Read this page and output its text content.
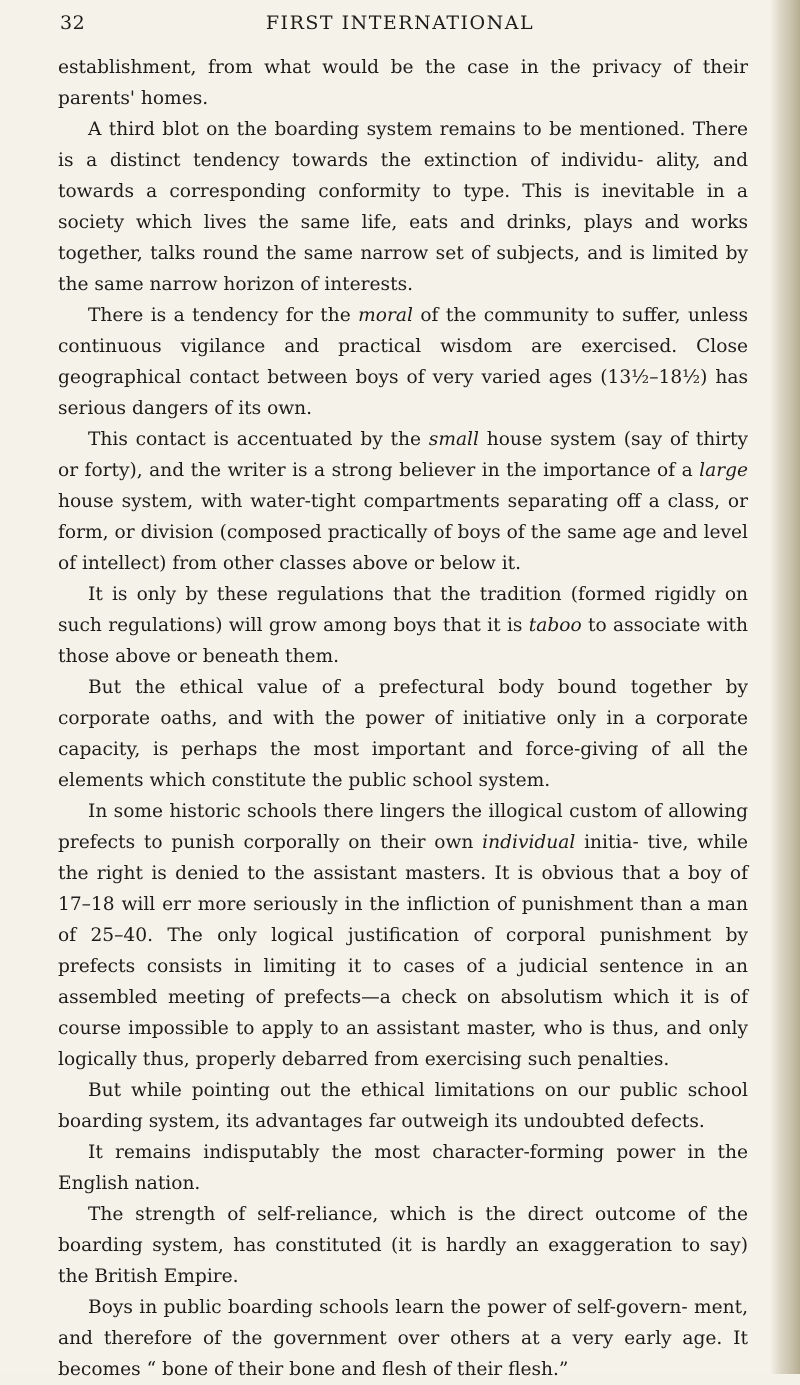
32	FIRST INTERNATIONAL

establishment, from what would be the case in the privacy of their parents' homes.

A third blot on the boarding system remains to be mentioned. There is a distinct tendency towards the extinction of individu- ality, and towards a corresponding conformity to type. This is inevitable in a society which lives the same life, eats and drinks, plays and works together, talks round the same narrow set of subjects, and is limited by the same narrow horizon of interests.

There is a tendency for the moral of the community to suffer, unless continuous vigilance and practical wisdom are exercised. Close geographical contact between boys of very varied ages (13½–18½) has serious dangers of its own.

This contact is accentuated by the small house system (say of thirty or forty), and the writer is a strong believer in the importance of a large house system, with water-tight compartments separating off a class, or form, or division (composed practically of boys of the same age and level of intellect) from other classes above or below it.

It is only by these regulations that the tradition (formed rigidly on such regulations) will grow among boys that it is taboo to associate with those above or beneath them.

But the ethical value of a prefectural body bound together by corporate oaths, and with the power of initiative only in a corporate capacity, is perhaps the most important and force-giving of all the elements which constitute the public school system.

In some historic schools there lingers the illogical custom of allowing prefects to punish corporally on their own individual initia- tive, while the right is denied to the assistant masters. It is obvious that a boy of 17–18 will err more seriously in the infliction of punishment than a man of 25–40. The only logical justification of corporal punishment by prefects consists in limiting it to cases of a judicial sentence in an assembled meeting of prefects—a check on absolutism which it is of course impossible to apply to an assistant master, who is thus, and only logically thus, properly debarred from exercising such penalties.

But while pointing out the ethical limitations on our public school boarding system, its advantages far outweigh its undoubted defects.

It remains indisputably the most character-forming power in the English nation.

The strength of self-reliance, which is the direct outcome of the boarding system, has constituted (it is hardly an exaggeration to say) the British Empire.

Boys in public boarding schools learn the power of self-govern- ment, and therefore of the government over others at a very early age. It becomes “ bone of their bone and flesh of their flesh.”
